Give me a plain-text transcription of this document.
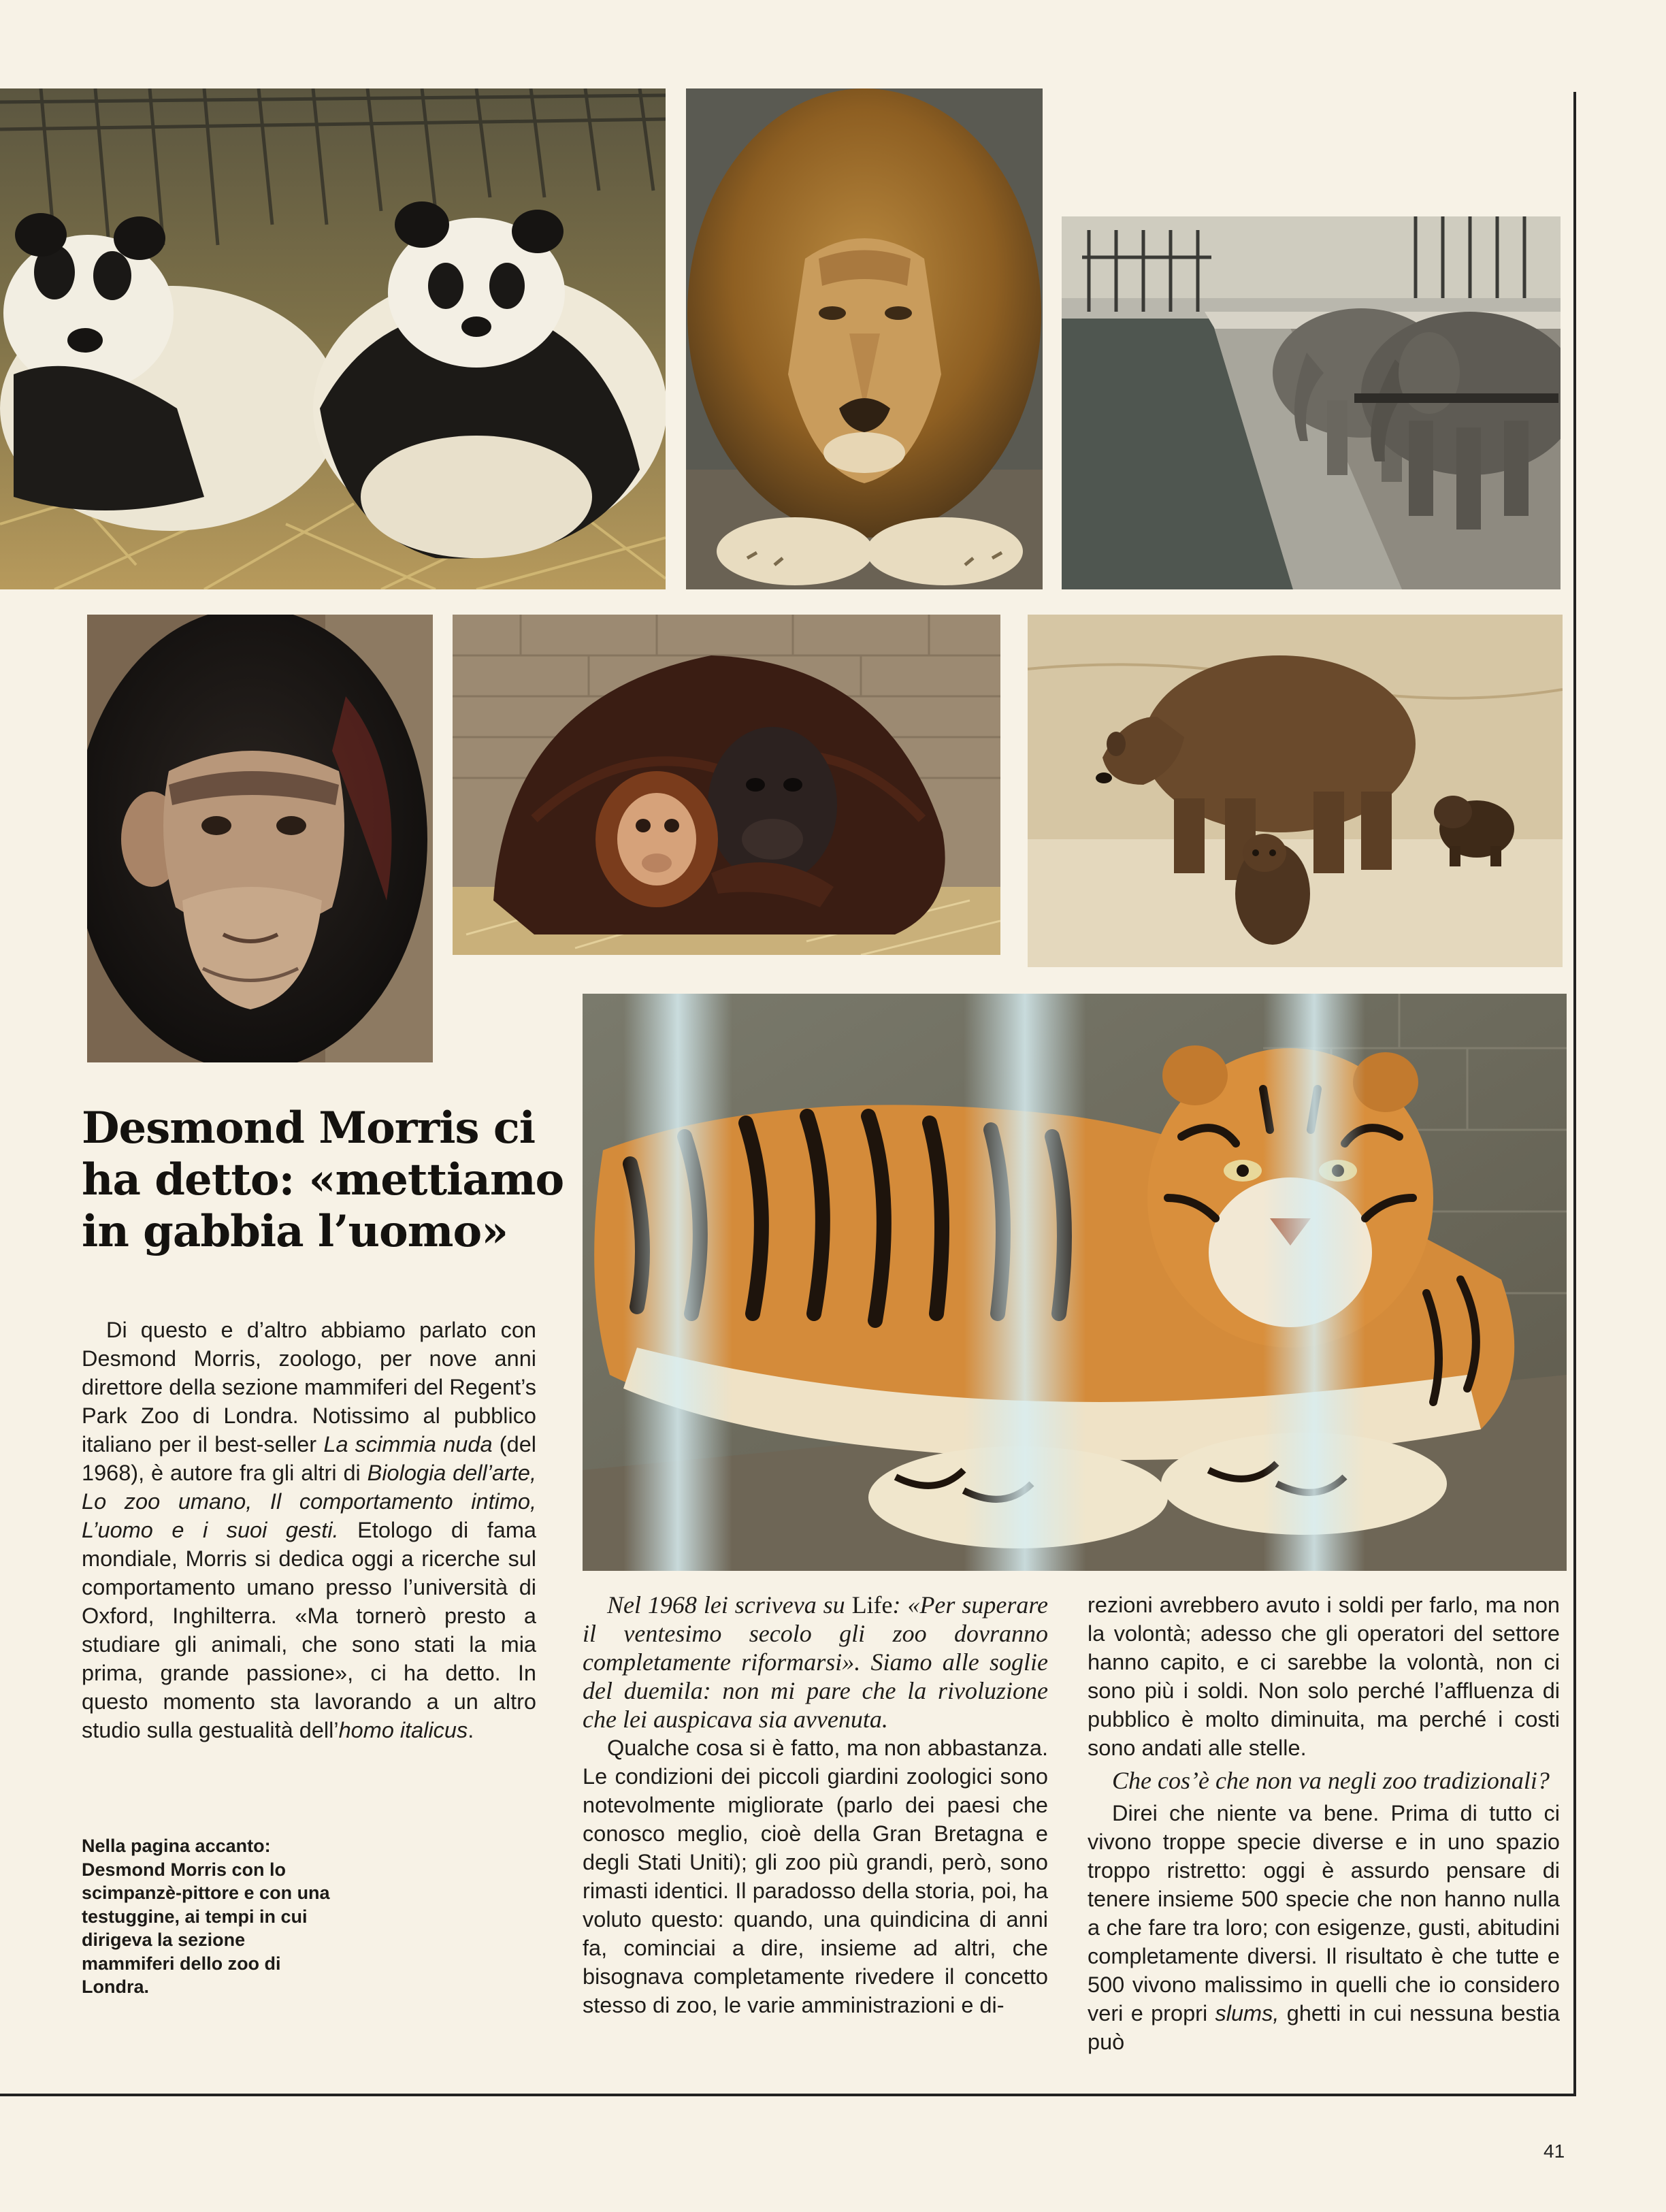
Desmond Morris ci ha detto: «mettiamo in gabbia l’uomo»

Di questo e d’altro abbiamo parlato con Desmond Morris, zoologo, per nove anni direttore della sezione mammiferi del Regent’s Park Zoo di Londra. Notissimo al pubblico italiano per il best-seller La scimmia nuda (del 1968), è autore fra gli altri di Biologia dell’arte, Lo zoo umano, Il comportamento intimo, L’uomo e i suoi gesti. Etologo di fama mondiale, Morris si dedica oggi a ricerche sul comportamento umano presso l’università di Oxford, Inghilterra. «Ma tornerò presto a studiare gli animali, che sono stati la mia prima, grande passione», ci ha detto. In questo momento sta lavorando a un altro studio sulla gestualità dell’homo italicus.

Nella pagina accanto: Desmond Morris con lo scimpanzè-pittore e con una testuggine, ai tempi in cui dirigeva la sezione mammiferi dello zoo di Londra.

Nel 1968 lei scriveva su Life: «Per superare il ventesimo secolo gli zoo dovranno completamente riformarsi». Siamo alle soglie del duemila: non mi pare che la rivoluzione che lei auspicava sia avvenuta.

Qualche cosa si è fatto, ma non abbastanza. Le condizioni dei piccoli giardini zoologici sono notevolmente migliorate (parlo dei paesi che conosco meglio, cioè della Gran Bretagna e degli Stati Uniti); gli zoo più grandi, però, sono rimasti identici. Il paradosso della storia, poi, ha voluto questo: quando, una quindicina di anni fa, cominciai a dire, insieme ad altri, che bisognava completamente rivedere il concetto stesso di zoo, le varie amministrazioni e di-

rezioni avrebbero avuto i soldi per farlo, ma non la volontà; adesso che gli operatori del settore hanno capito, e ci sarebbe la volontà, non ci sono più i soldi. Non solo perché l’affluenza di pubblico è molto diminuita, ma perché i costi sono andati alle stelle.

Che cos’è che non va negli zoo tradizionali?

Direi che niente va bene. Prima di tutto ci vivono troppe specie diverse e in uno spazio troppo ristretto: oggi è assurdo pensare di tenere insieme 500 specie che non hanno nulla a che fare tra loro; con esigenze, gusti, abitudini completamente diversi. Il risultato è che tutte e 500 vivono malissimo in quelli che io considero veri e propri slums, ghetti in cui nessuna bestia può

41
